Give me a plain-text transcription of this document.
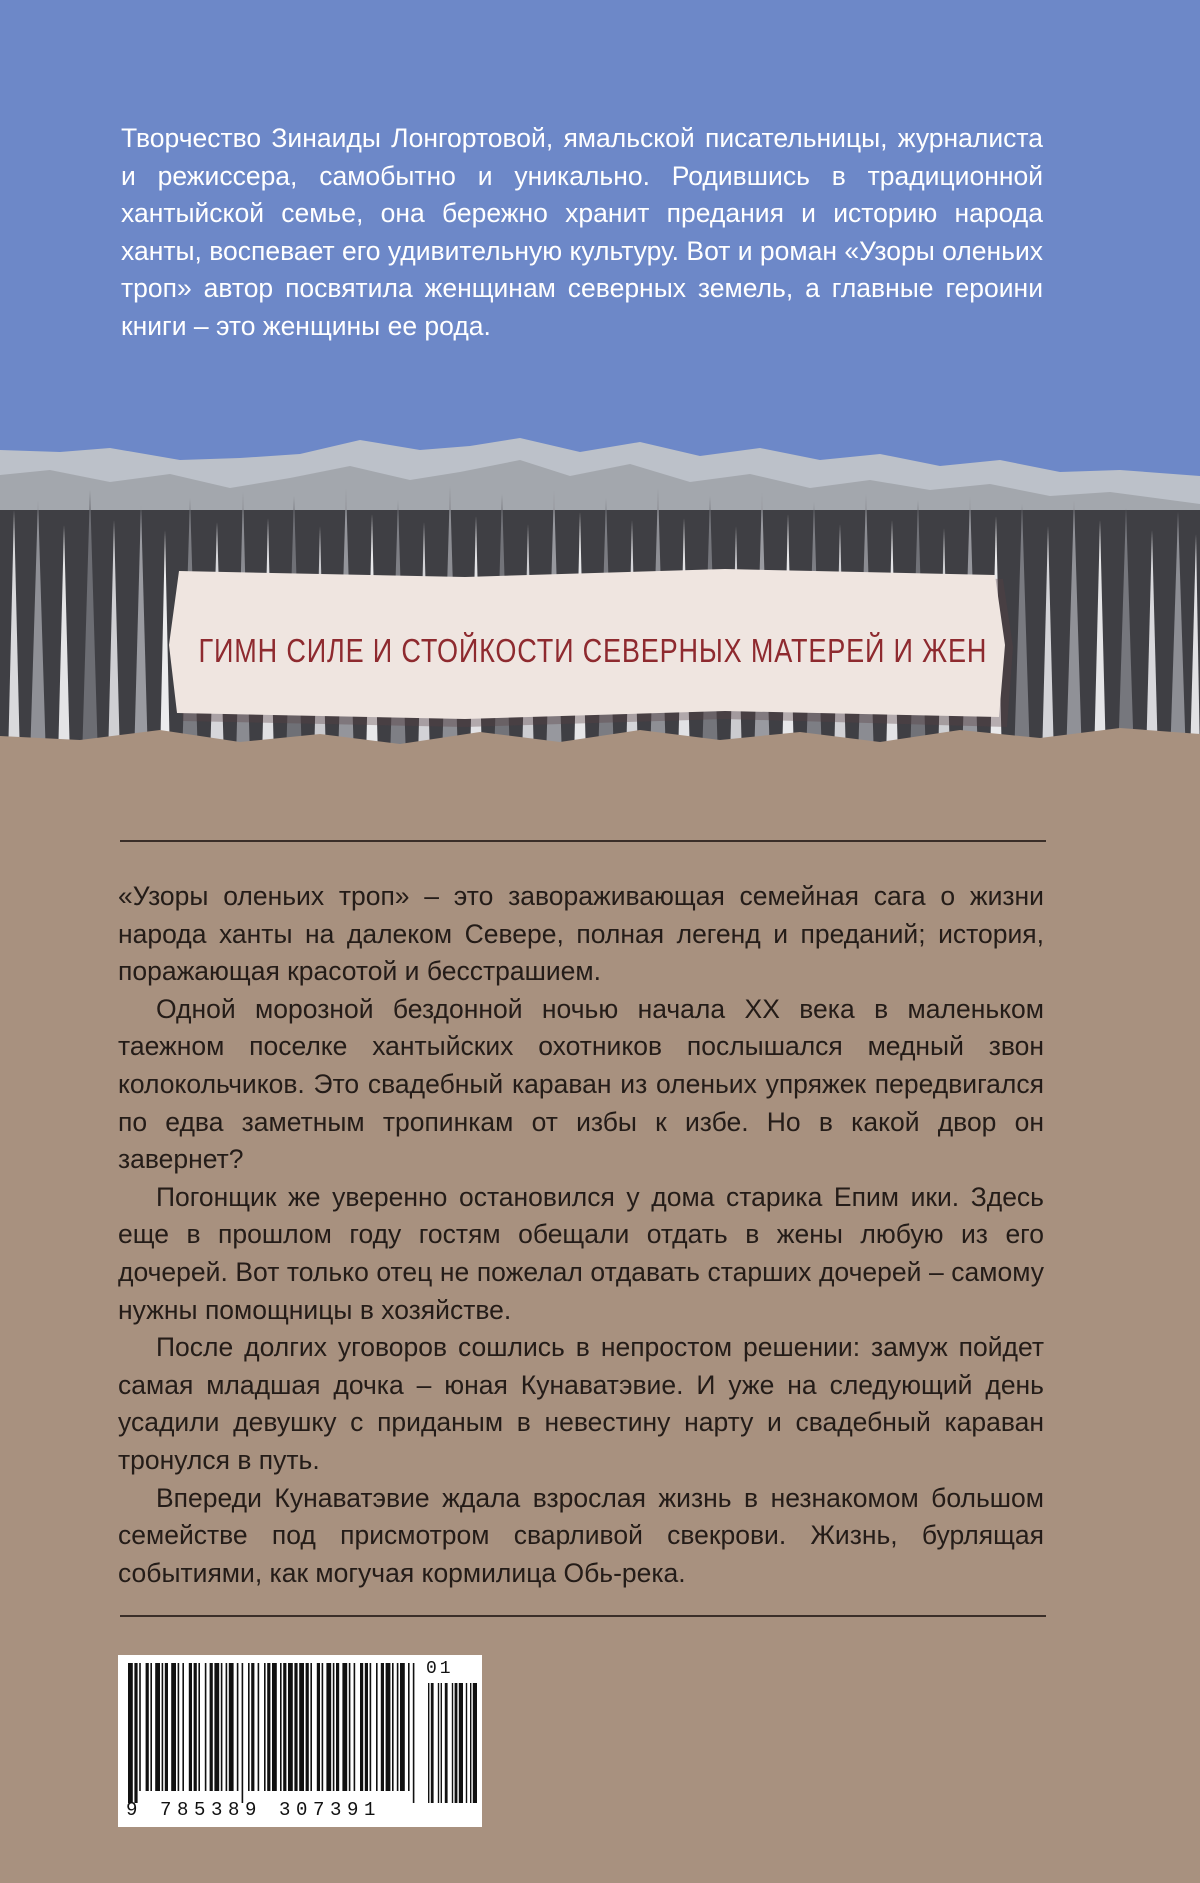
Творчество Зинаиды Лонгортовой, ямальской писательницы, журналиста и режиссера, самобытно и уникально. Родившись в традиционной хантыйской семье, она бережно хранит предания и историю народа ханты, воспевает его удивительную культуру. Вот и роман «Узоры оленьих троп» автор посвятила женщинам северных земель, а главные героини книги – это женщины ее рода.

ГИМН СИЛЕ И СТОЙКОСТИ СЕВЕРНЫХ МАТЕРЕЙ И ЖЕН

«Узоры оленьих троп» – это завораживающая семейная сага о жизни народа ханты на далеком Севере, полная легенд и преданий; история, поражающая красотой и бесстрашием.

Одной морозной бездонной ночью начала XX века в маленьком таежном поселке хантыйских охотников послышался медный звон колокольчиков. Это свадебный караван из оленьих упряжек передвигался по едва заметным тропинкам от избы к избе. Но в какой двор он завернет?

Погонщик же уверенно остановился у дома старика Епим ики. Здесь еще в прошлом году гостям обещали отдать в жены любую из его дочерей. Вот только отец не пожелал отдавать старших дочерей – самому нужны помощницы в хозяйстве.

После долгих уговоров сошлись в непростом решении: замуж пойдет самая младшая дочка – юная Кунаватэвие. И уже на следующий день усадили девушку с приданым в невестину нарту и свадебный караван тронулся в путь.

Впереди Кунаватэвие ждала взрослая жизнь в незнакомом большом семействе под присмотром сварливой свекрови. Жизнь, бурлящая событиями, как могучая кормилица Обь-река.

01
9 785389 307391
